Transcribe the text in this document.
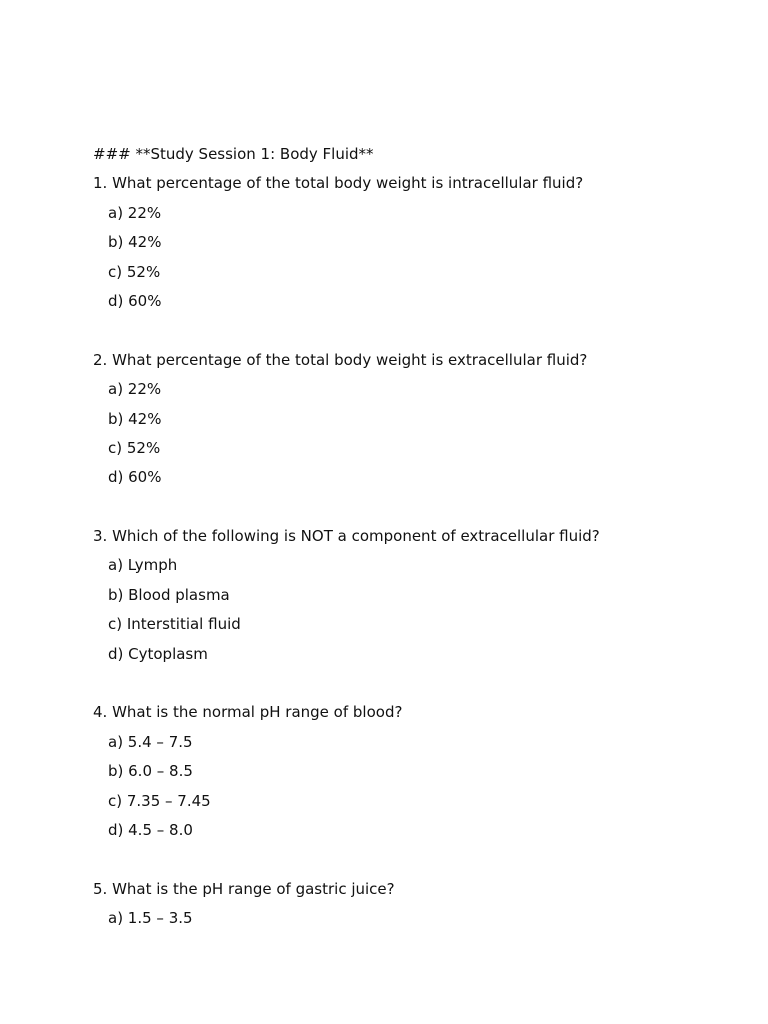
### **Study Session 1: Body Fluid**
1. What percentage of the total body weight is intracellular fluid?
a) 22%
b) 42%
c) 52%
d) 60%
2. What percentage of the total body weight is extracellular fluid?
a) 22%
b) 42%
c) 52%
d) 60%
3. Which of the following is NOT a component of extracellular fluid?
a) Lymph
b) Blood plasma
c) Interstitial fluid
d) Cytoplasm
4. What is the normal pH range of blood?
a) 5.4 – 7.5
b) 6.0 – 8.5
c) 7.35 – 7.45
d) 4.5 – 8.0
5. What is the pH range of gastric juice?
a) 1.5 – 3.5
